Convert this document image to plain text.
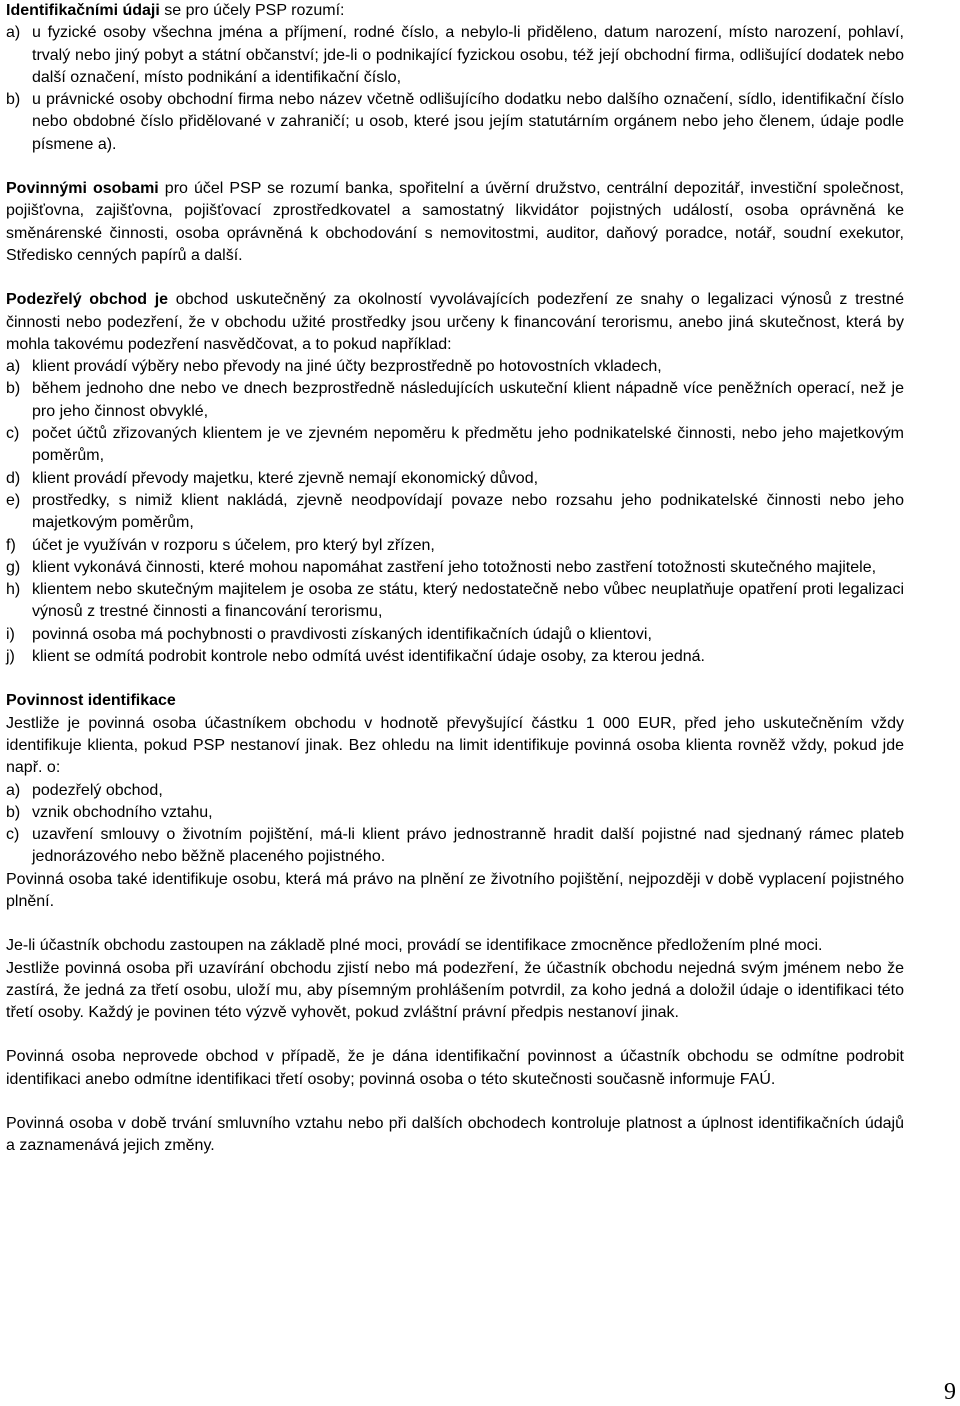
Identifikačními údaji se pro účely PSP rozumí:

a) u fyzické osoby všechna jména a příjmení, rodné číslo, a nebylo-li přiděleno, datum narození, místo narození, pohlaví, trvalý nebo jiný pobyt a státní občanství; jde-li o podnikající fyzickou osobu, též její obchodní firma, odlišující dodatek nebo další označení, místo podnikání a identifikační číslo,
b) u právnické osoby obchodní firma nebo název včetně odlišujícího dodatku nebo dalšího označení, sídlo, identifikační číslo nebo obdobné číslo přidělované v zahraničí; u osob, které jsou jejím statutárním orgánem nebo jeho členem, údaje podle písmene a).

Povinnými osobami pro účel PSP se rozumí banka, spořitelní a úvěrní družstvo, centrální depozitář, investiční společnost, pojišťovna, zajišťovna, pojišťovací zprostředkovatel a samostatný likvidátor pojistných událostí, osoba oprávněná ke směnárenské činnosti, osoba oprávněná k obchodování s nemovitostmi, auditor, daňový poradce, notář, soudní exekutor, Středisko cenných papírů a další.

Podezřelý obchod je obchod uskutečněný za okolností vyvolávajících podezření ze snahy o legalizaci výnosů z trestné činnosti nebo podezření, že v obchodu užité prostředky jsou určeny k financování terorismu, anebo jiná skutečnost, která by mohla takovému podezření nasvědčovat, a to pokud například:

a) klient provádí výběry nebo převody na jiné účty bezprostředně po hotovostních vkladech,
b) během jednoho dne nebo ve dnech bezprostředně následujících uskuteční klient nápadně více peněžních operací, než je pro jeho činnost obvyklé,
c) počet účtů zřizovaných klientem je ve zjevném nepoměru k předmětu jeho podnikatelské činnosti, nebo jeho majetkovým poměrům,
d) klient provádí převody majetku, které zjevně nemají ekonomický důvod,
e) prostředky, s nimiž klient nakládá, zjevně neodpovídají povaze nebo rozsahu jeho podnikatelské činnosti nebo jeho majetkovým poměrům,
f)	účet je využíván v rozporu s účelem, pro který byl zřízen,
g) klient vykonává činnosti, které mohou napomáhat zastření jeho totožnosti nebo zastření totožnosti skutečného majitele,
h) klientem nebo skutečným majitelem je osoba ze státu, který nedostatečně nebo vůbec neuplatňuje opatření proti legalizaci výnosů z trestné činnosti a financování terorismu,
i)	povinná osoba má pochybnosti o pravdivosti získaných identifikačních údajů o klientovi,
j)	klient se odmítá podrobit kontrole nebo odmítá uvést identifikační údaje osoby, za kterou jedná.

Povinnost identifikace

Jestliže je povinná osoba účastníkem obchodu v hodnotě převyšující částku 1 000 EUR, před jeho uskutečněním vždy identifikuje klienta, pokud PSP nestanoví jinak. Bez ohledu na limit identifikuje povinná osoba klienta rovněž vždy, pokud jde např. o:

a) podezřelý obchod,
b) vznik obchodního vztahu,
c) uzavření smlouvy o životním pojištění, má-li klient právo jednostranně hradit další pojistné nad sjednaný rámec plateb jednorázového nebo běžně placeného pojistného.

Povinná osoba také identifikuje osobu, která má právo na plnění ze životního pojištění, nejpozději v době vyplacení pojistného plnění.

Je-li účastník obchodu zastoupen na základě plné moci, provádí se identifikace zmocněnce předložením plné moci.

Jestliže povinná osoba při uzavírání obchodu zjistí nebo má podezření, že účastník obchodu nejedná svým jménem nebo že zastírá, že jedná za třetí osobu, uloží mu, aby písemným prohlášením potvrdil, za koho jedná a doložil údaje o identifikaci této třetí osoby. Každý je povinen této výzvě vyhovět, pokud zvláštní právní předpis nestanoví jinak.

Povinná osoba neprovede obchod v případě, že je dána identifikační povinnost a účastník obchodu se odmítne podrobit identifikaci anebo odmítne identifikaci třetí osoby; povinná osoba o této skutečnosti současně informuje FAÚ.

Povinná osoba v době trvání smluvního vztahu nebo při dalších obchodech kontroluje platnost a úplnost identifikačních údajů a zaznamenává jejich změny.

9
